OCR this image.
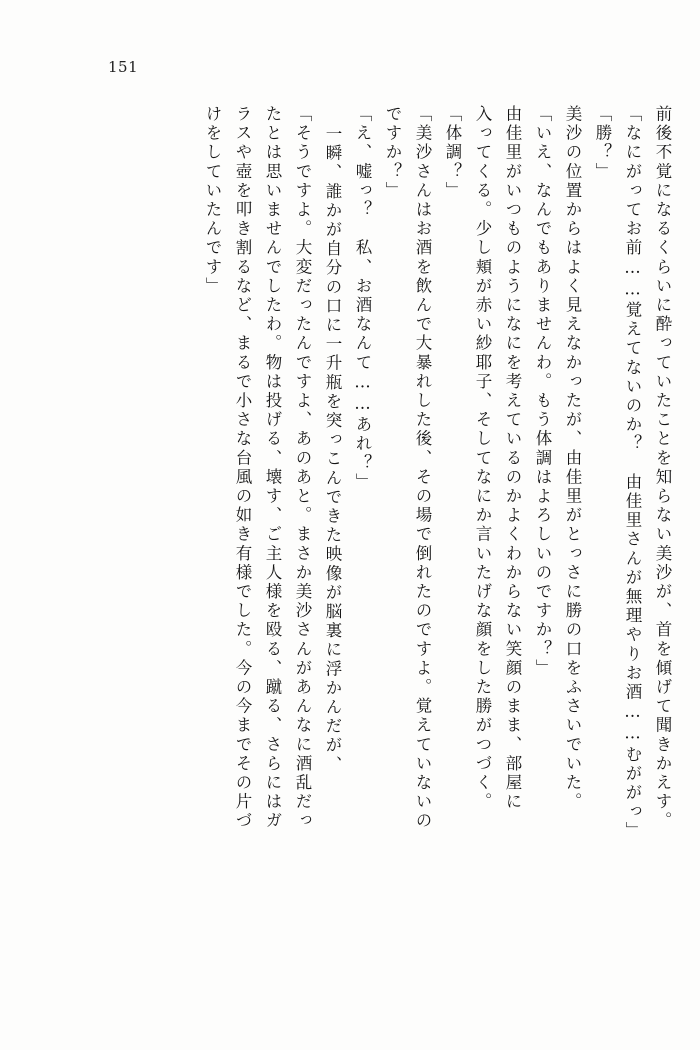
151
前後不覚になるくらいに酔っていたことを知らない美沙が、首を傾げて聞きかえす。
「なにがってお前……覚えてないのか？　由佳里さんが無理やりお酒……むががっ」
「勝？」
美沙の位置からはよく見えなかったが、由佳里がとっさに勝の口をふさいでいた。
「いえ、なんでもありませんわ。もう体調はよろしいのですか？」
由佳里がいつものようになにを考えているのかよくわからない笑顔のまま、部屋に
入ってくる。少し頬が赤い紗耶子、そしてなにか言いたげな顔をした勝がつづく。
「体調？」
「美沙さんはお酒を飲んで大暴れした後、その場で倒れたのですよ。覚えていないの
ですか？」
「え、嘘っ？　私、お酒なんて……あれ？」
一瞬、誰かが自分の口に一升瓶を突っこんできた映像が脳裏に浮かんだが、
「そうですよ。大変だったんですよ、あのあと。まさか美沙さんがあんなに酒乱だっ
たとは思いませんでしたわ。物は投げる、壊す、ご主人様を殴る、蹴る、さらにはガ
ラスや壺を叩き割るなど、まるで小さな台風の如き有様でした。今の今までその片づ
けをしていたんです」
